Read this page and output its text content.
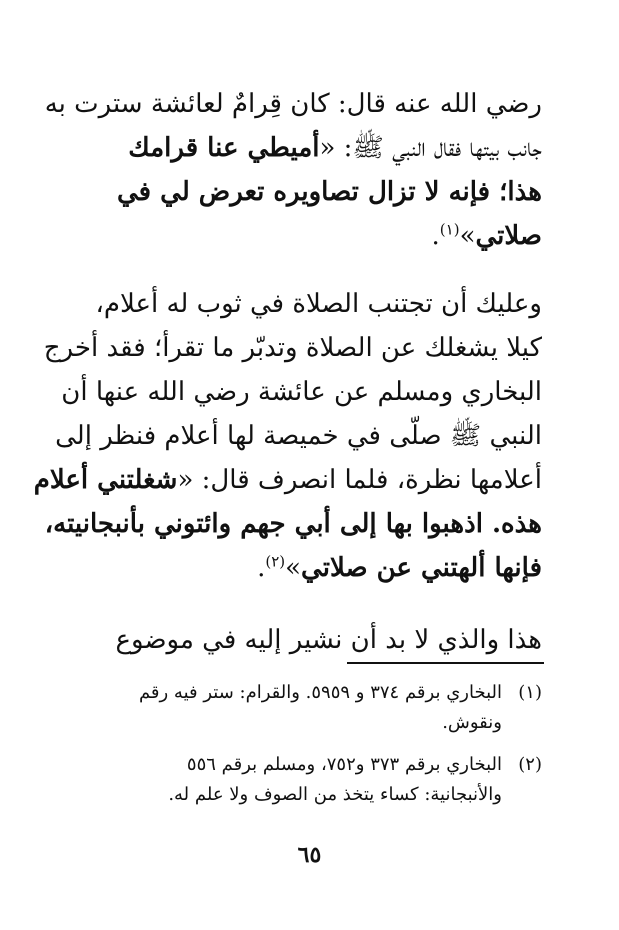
رضي الله عنه قال: كان قِرامٌ لعائشة سترت به
جانب بيتها فقال النبي ﷺ: «أميطي عنا قرامك
هذا؛ فإنه لا تزال تصاويره تعرض لي في
صلاتي»$^{(١)}$.

وعليك أن تجتنب الصلاة في ثوب له أعلام،
كيلا يشغلك عن الصلاة وتدبّر ما تقرأ؛ فقد أخرج
البخاري ومسلم عن عائشة رضي الله عنها أن
النبي ﷺ صلّى في خميصة لها أعلام فنظر إلى
أعلامها نظرة، فلما انصرف قال: «شغلتني أعلام
هذه. اذهبوا بها إلى أبي جهم وائتوني بأنبجانيته،
فإنها ألهتني عن صلاتي»$^{(٢)}$.

هذا والذي لا بد أن نشير إليه في موضوع

(١)البخاري برقم ٣٧٤ و ٥٩٥٩. والقرام: ستر فيه رقم
ونقوش.
(٢)البخاري برقم ٣٧٣ و٧٥٢، ومسلم برقم ٥٥٦
والأنبجانية: كساء يتخذ من الصوف ولا علم له.
٦٥
